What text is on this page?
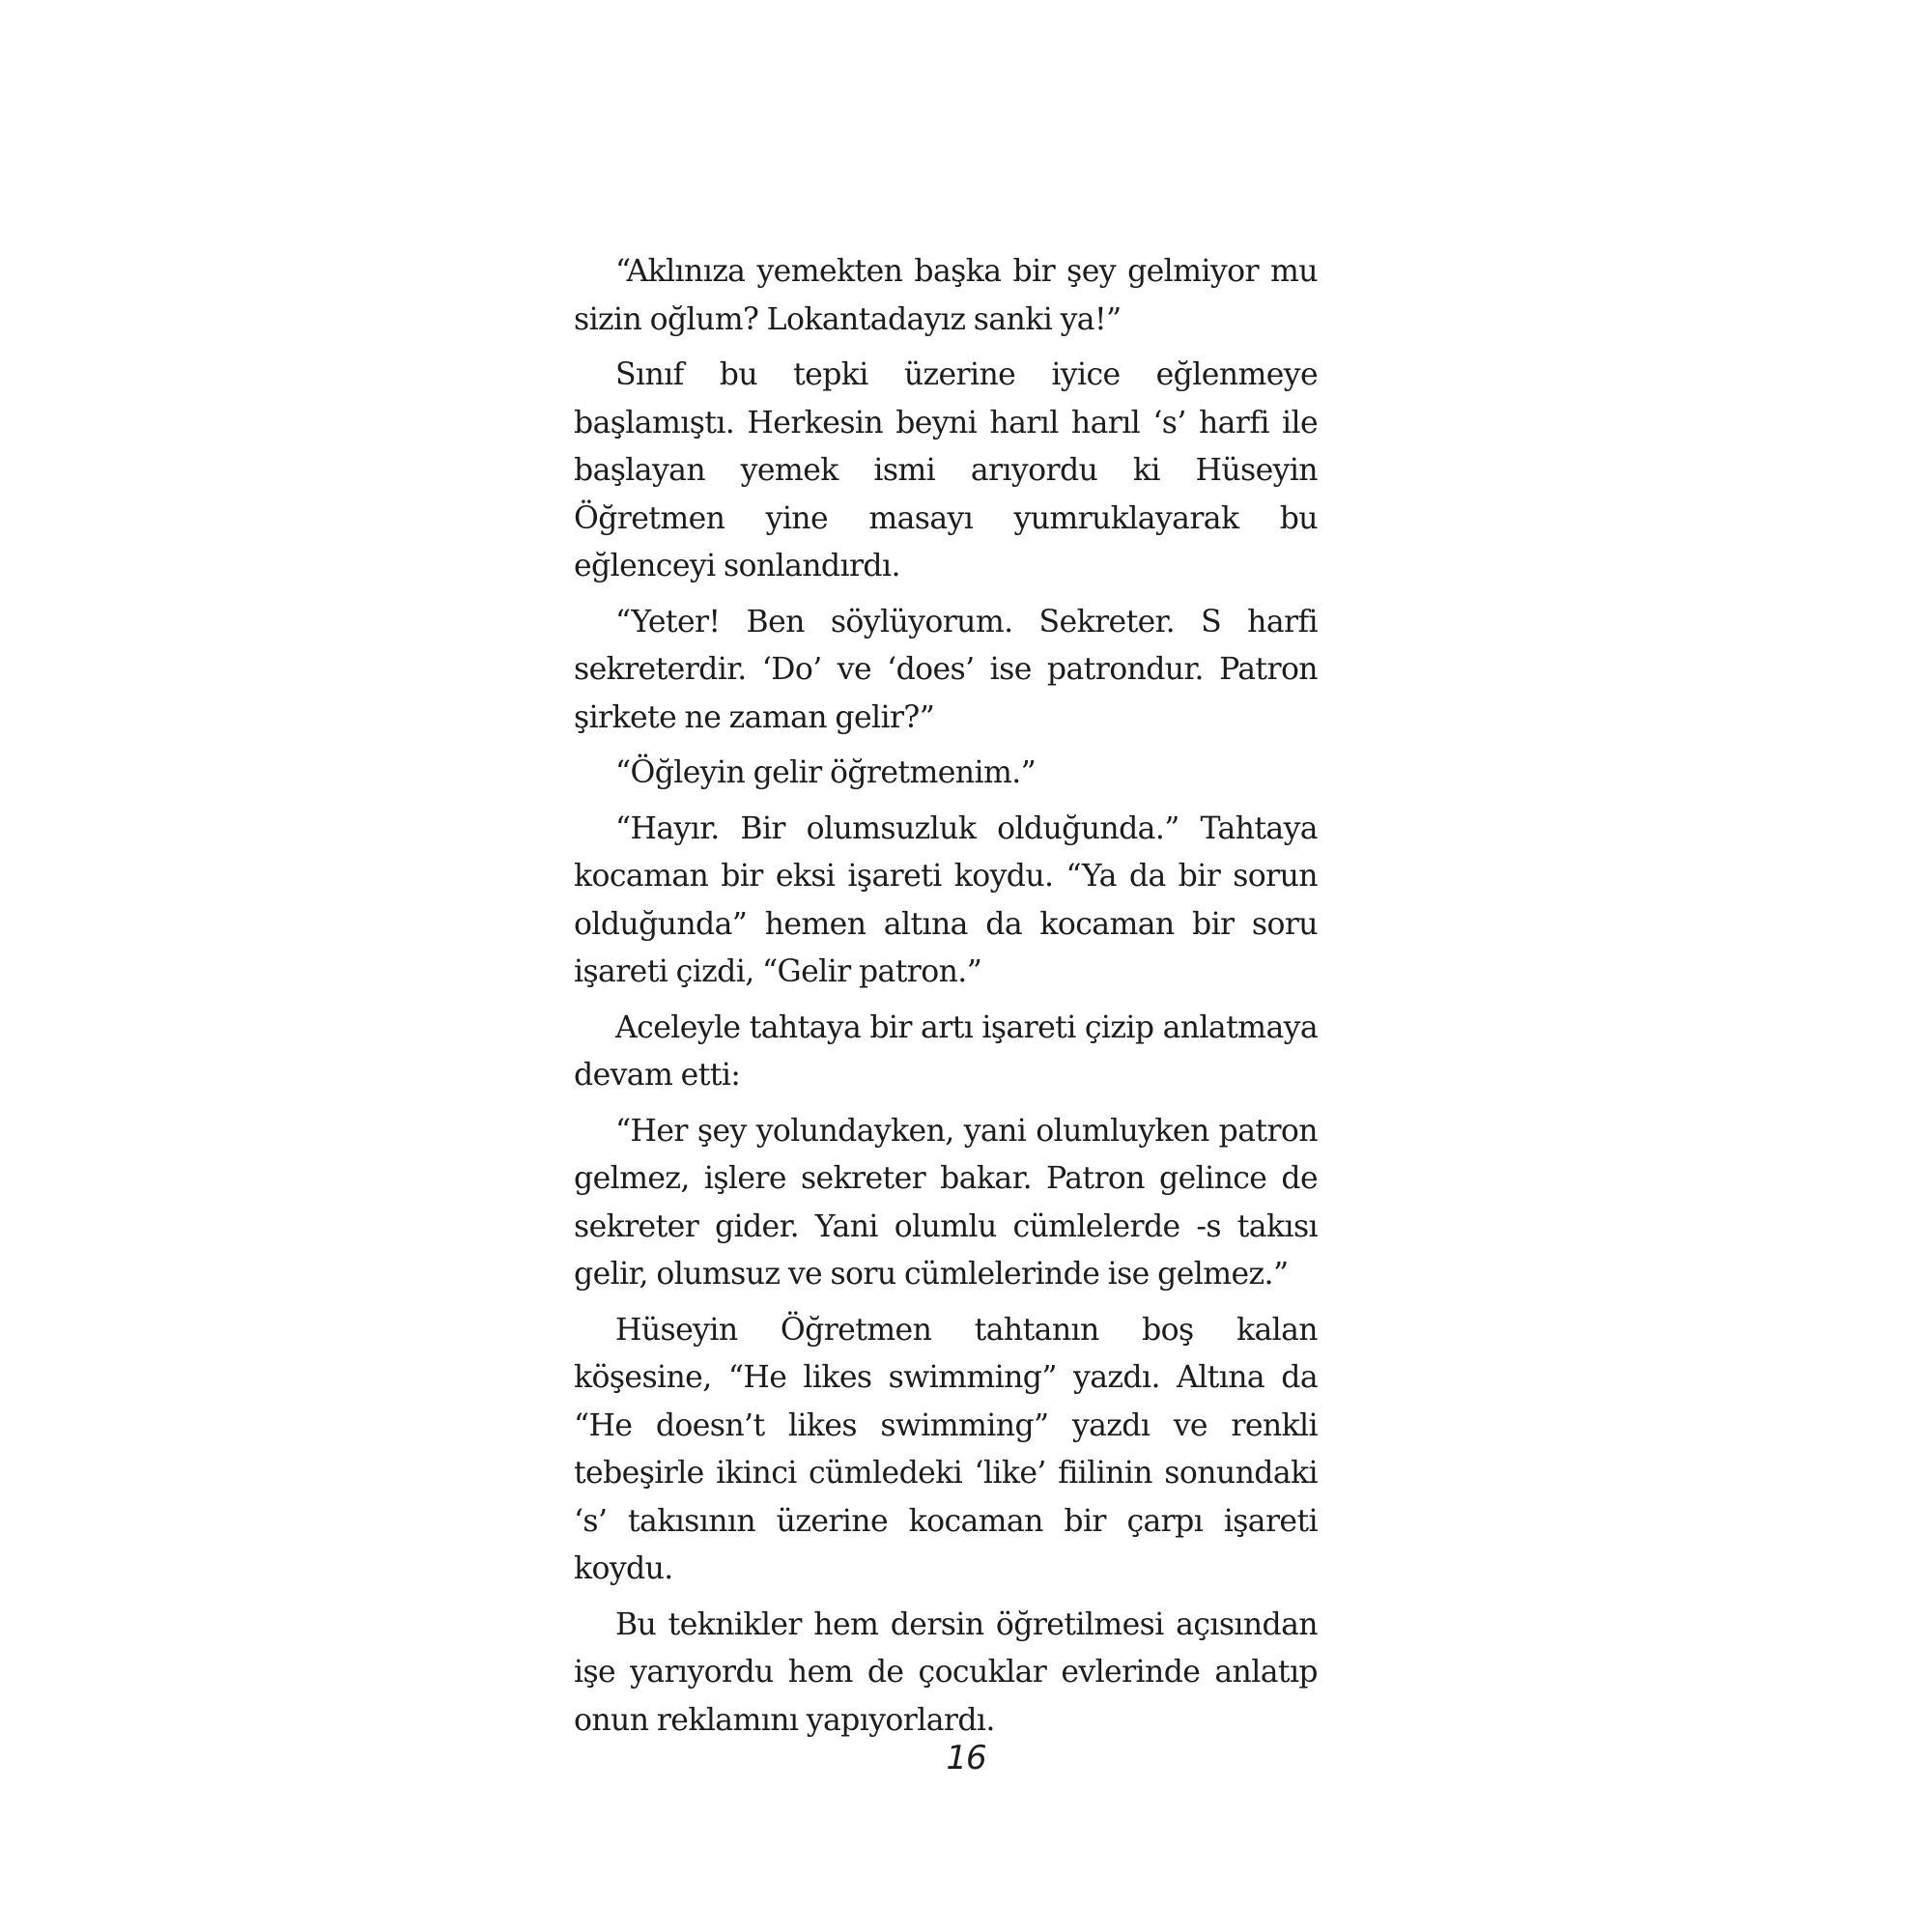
“Aklınıza yemekten başka bir şey gelmiyor mu sizin oğlum? Lokantadayız sanki ya!”

Sınıf bu tepki üzerine iyice eğlenmeye başlamıştı. Herkesin beyni harıl harıl ‘s’ harfi ile başlayan yemek ismi arıyordu ki Hüseyin Öğretmen yine masayı yumruklayarak bu eğlenceyi sonlandırdı.

“Yeter! Ben söylüyorum. Sekreter. S harfi sekreterdir. ‘Do’ ve ‘does’ ise patrondur. Patron şirkete ne zaman gelir?”

“Öğleyin gelir öğretmenim.”

“Hayır. Bir olumsuzluk olduğunda.” Tahtaya kocaman bir eksi işareti koydu. “Ya da bir sorun olduğunda” hemen altına da kocaman bir soru işareti çizdi, “Gelir patron.”

Aceleyle tahtaya bir artı işareti çizip anlatmaya devam etti:

“Her şey yolundayken, yani olumluyken patron gelmez, işlere sekreter bakar. Patron gelince de sekreter gider. Yani olumlu cümlelerde -s takısı gelir, olumsuz ve soru cümlelerinde ise gelmez.”

Hüseyin Öğretmen tahtanın boş kalan köşesine, “He likes swimming” yazdı. Altına da “He doesn’t likes swimming” yazdı ve renkli tebeşirle ikinci cümledeki ‘like’ fiilinin sonundaki ‘s’ takısının üzerine kocaman bir çarpı işareti koydu.

Bu teknikler hem dersin öğretilmesi açısından işe yarıyordu hem de çocuklar evlerinde anlatıp onun reklamını yapıyorlardı.

16
